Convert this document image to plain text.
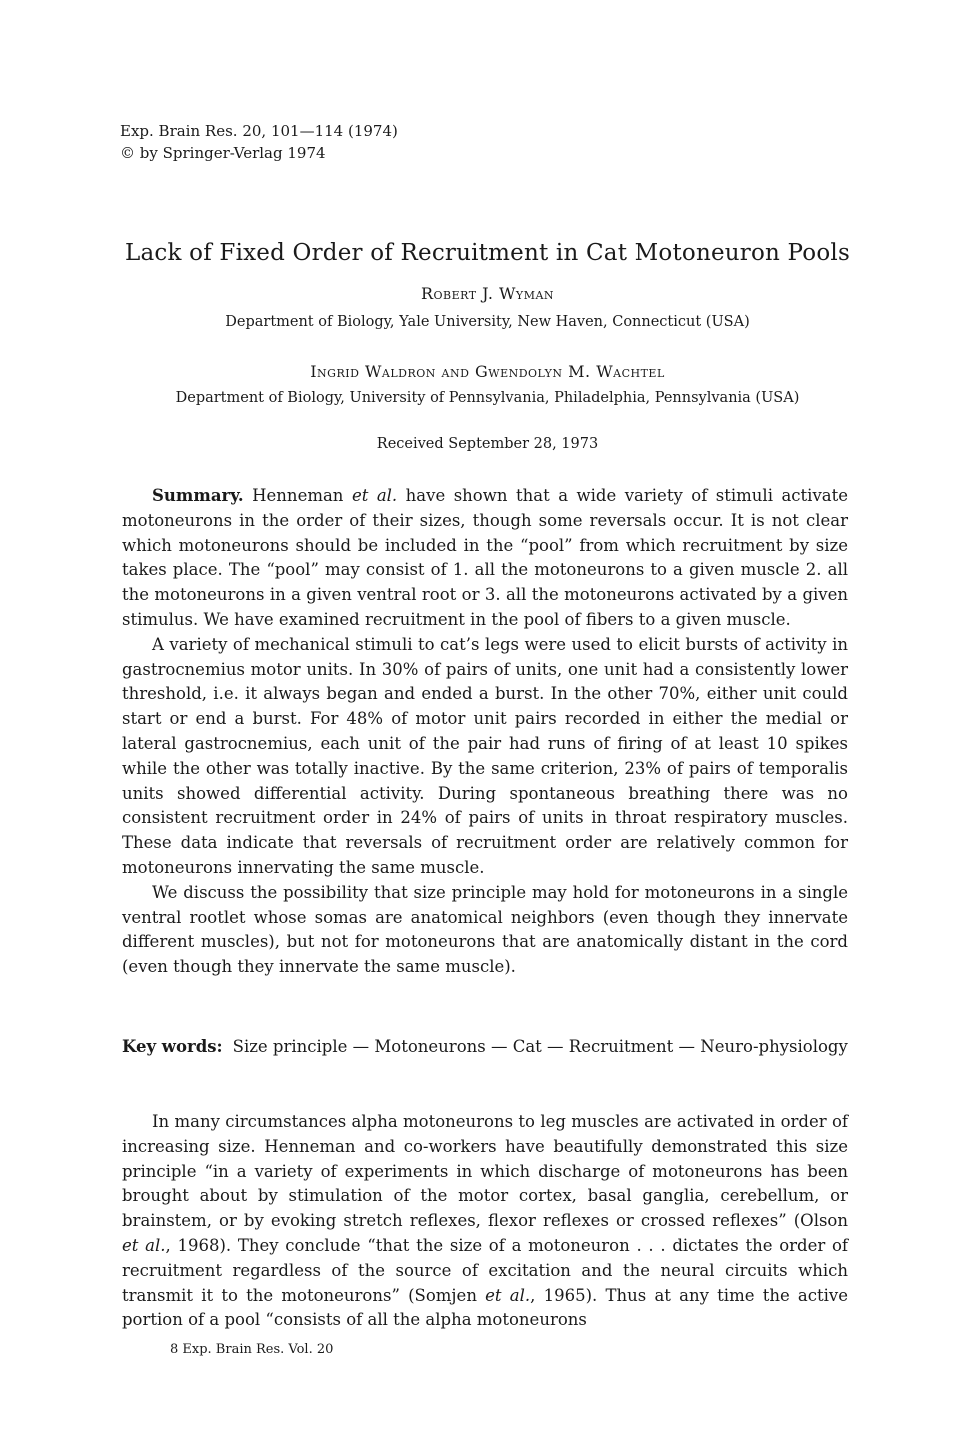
Exp. Brain Res. 20, 101—114 (1974)
© by Springer-Verlag 1974
Lack of Fixed Order of Recruitment in Cat Motoneuron Pools
Robert J. Wyman
Department of Biology, Yale University, New Haven, Connecticut (USA)
Ingrid Waldron and Gwendolyn M. Wachtel
Department of Biology, University of Pennsylvania, Philadelphia, Pennsylvania (USA)
Received September 28, 1973

Summary. Henneman et al. have shown that a wide variety of stimuli activate motoneurons in the order of their sizes, though some reversals occur. It is not clear which motoneurons should be included in the “pool” from which recruitment by size takes place. The “pool” may consist of 1. all the motoneurons to a given muscle 2. all the motoneurons in a given ventral root or 3. all the motoneurons activated by a given stimulus. We have examined recruitment in the pool of fibers to a given muscle.

A variety of mechanical stimuli to cat’s legs were used to elicit bursts of activity in gastrocnemius motor units. In 30% of pairs of units, one unit had a consistently lower threshold, i.e. it always began and ended a burst. In the other 70%, either unit could start or end a burst. For 48% of motor unit pairs recorded in either the medial or lateral gastrocnemius, each unit of the pair had runs of firing of at least 10 spikes while the other was totally inactive. By the same criterion, 23% of pairs of temporalis units showed differential activity. During spontaneous breathing there was no consistent recruitment order in 24% of pairs of units in throat respiratory muscles. These data indicate that reversals of recruitment order are relatively common for motoneurons innervating the same muscle.

We discuss the possibility that size principle may hold for motoneurons in a single ventral rootlet whose somas are anatomical neighbors (even though they innervate different muscles), but not for motoneurons that are anatomically distant in the cord (even though they innervate the same muscle).

Key words: Size principle — Motoneurons — Cat — Recruitment — Neuro-physiology

In many circumstances alpha motoneurons to leg muscles are activated in order of increasing size. Henneman and co-workers have beautifully demonstrated this size principle “in a variety of experiments in which discharge of motoneurons has been brought about by stimulation of the motor cortex, basal ganglia, cerebellum, or brainstem, or by evoking stretch reflexes, flexor reflexes or crossed reflexes” (Olson et al., 1968). They conclude “that the size of a motoneuron . . . dictates the order of recruitment regardless of the source of excitation and the neural circuits which transmit it to the motoneurons” (Somjen et al., 1965). Thus at any time the active portion of a pool “consists of all the alpha motoneurons

8 Exp. Brain Res. Vol. 20
